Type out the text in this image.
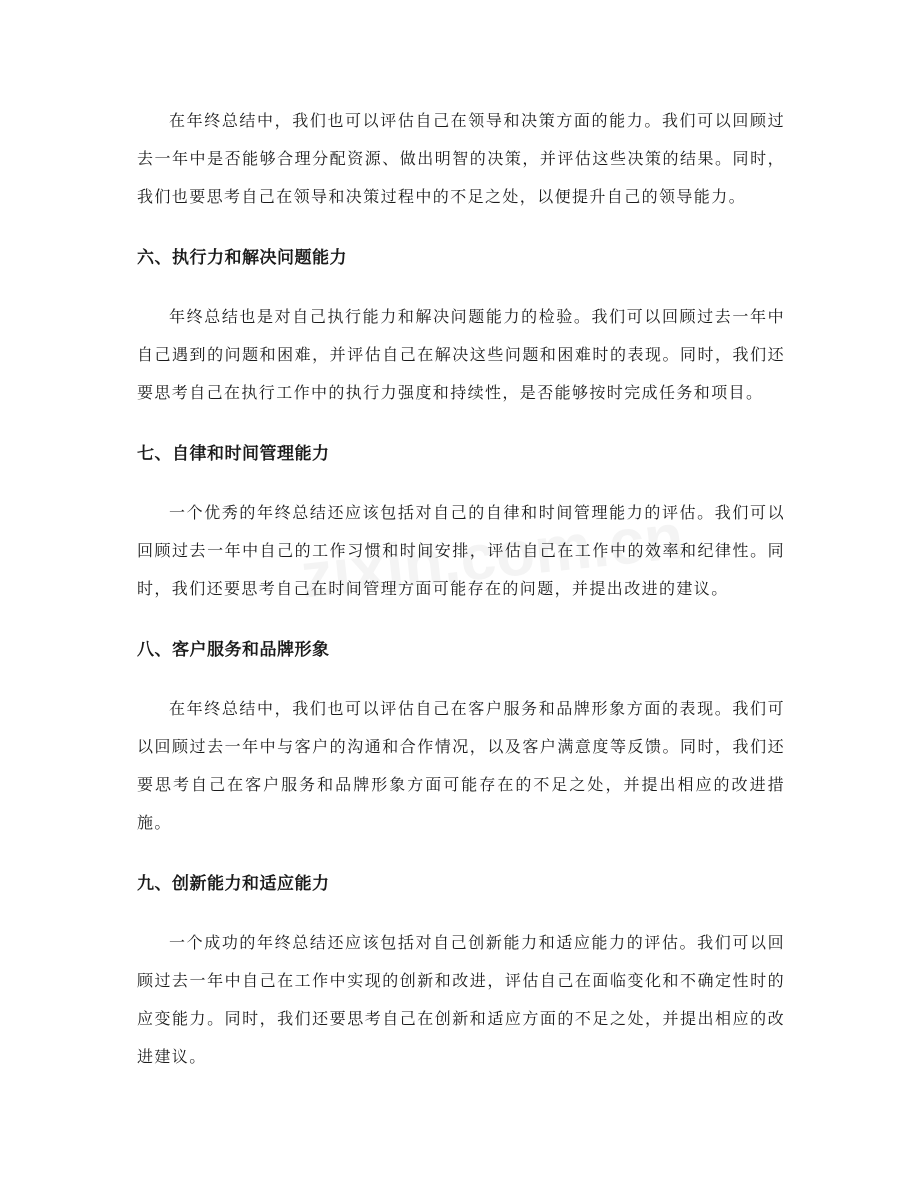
在年终总结中，我们也可以评估自己在领导和决策方面的能力。我们可以回顾过去一年中是否能够合理分配资源、做出明智的决策，并评估这些决策的结果。同时，我们也要思考自己在领导和决策过程中的不足之处，以便提升自己的领导能力。

六、执行力和解决问题能力

年终总结也是对自己执行能力和解决问题能力的检验。我们可以回顾过去一年中自己遇到的问题和困难，并评估自己在解决这些问题和困难时的表现。同时，我们还要思考自己在执行工作中的执行力强度和持续性，是否能够按时完成任务和项目。

七、自律和时间管理能力

一个优秀的年终总结还应该包括对自己的自律和时间管理能力的评估。我们可以回顾过去一年中自己的工作习惯和时间安排，评估自己在工作中的效率和纪律性。同时，我们还要思考自己在时间管理方面可能存在的问题，并提出改进的建议。

八、客户服务和品牌形象

在年终总结中，我们也可以评估自己在客户服务和品牌形象方面的表现。我们可以回顾过去一年中与客户的沟通和合作情况，以及客户满意度等反馈。同时，我们还要思考自己在客户服务和品牌形象方面可能存在的不足之处，并提出相应的改进措施。

九、创新能力和适应能力

一个成功的年终总结还应该包括对自己创新能力和适应能力的评估。我们可以回顾过去一年中自己在工作中实现的创新和改进，评估自己在面临变化和不确定性时的应变能力。同时，我们还要思考自己在创新和适应方面的不足之处，并提出相应的改进建议。
